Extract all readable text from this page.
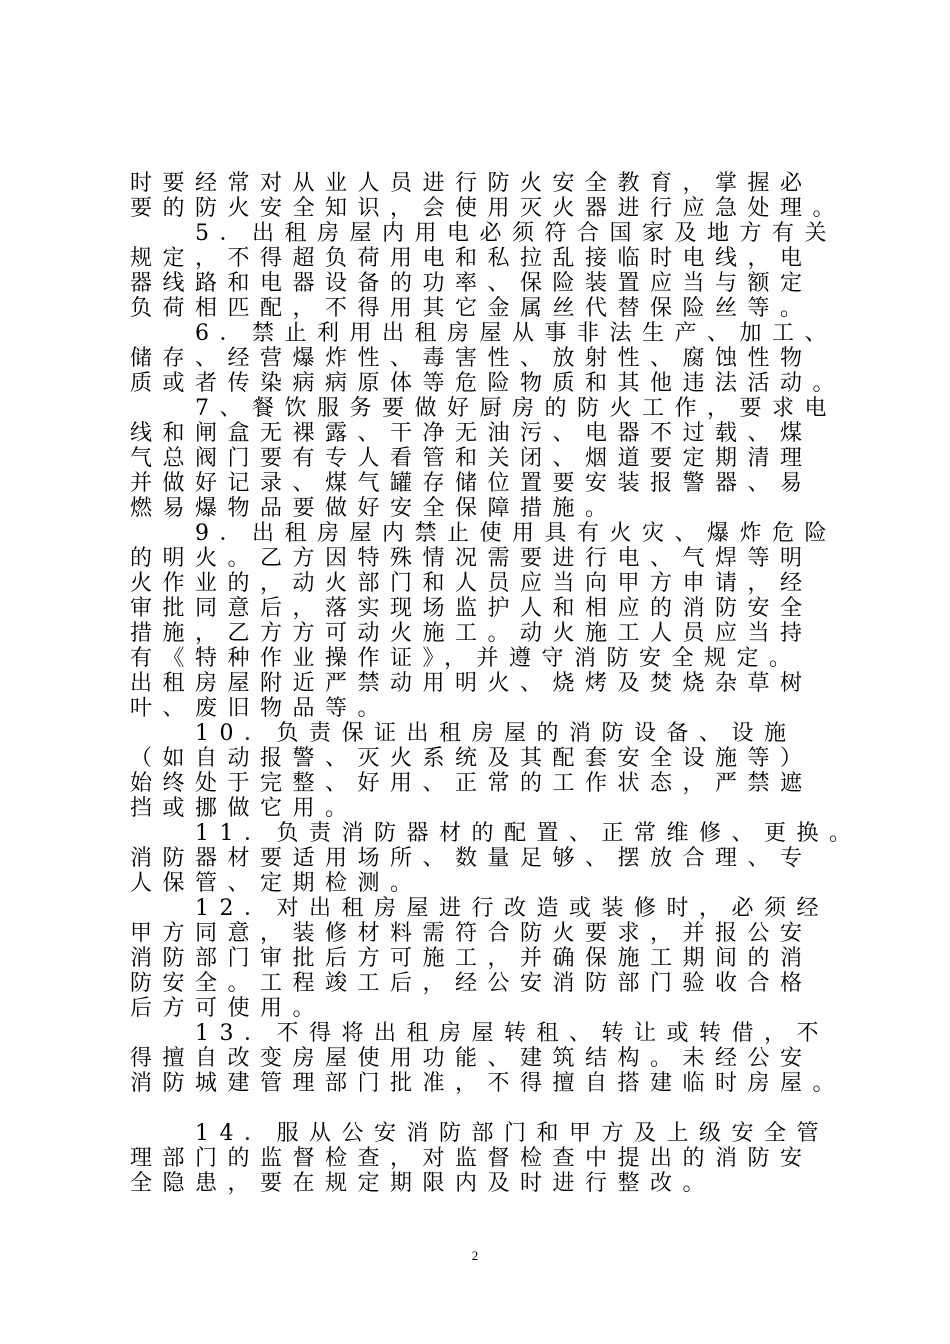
时要经常对从业人员进行防火安全教育，掌握必
要的防火安全知识，会使用灭火器进行应急处理。
　　5．出租房屋内用电必须符合国家及地方有关
规定，不得超负荷用电和私拉乱接临时电线，电
器线路和电器设备的功率、保险装置应当与额定
负荷相匹配，不得用其它金属丝代替保险丝等。
　　6．禁止利用出租房屋从事非法生产、加工、
储存、经营爆炸性、毒害性、放射性、腐蚀性物
质或者传染病病原体等危险物质和其他违法活动。
　　7、餐饮服务要做好厨房的防火工作，要求电
线和闸盒无裸露、干净无油污、电器不过载、煤
气总阀门要有专人看管和关闭、烟道要定期清理
并做好记录、煤气罐存储位置要安装报警器、易
燃易爆物品要做好安全保障措施。
　　9．出租房屋内禁止使用具有火灾、爆炸危险
的明火。乙方因特殊情况需要进行电、气焊等明
火作业的，动火部门和人员应当向甲方申请，经
审批同意后，落实现场监护人和相应的消防安全
措施，乙方方可动火施工。动火施工人员应当持
有《特种作业操作证》，并遵守消防安全规定。
出租房屋附近严禁动用明火、烧烤及焚烧杂草树
叶、废旧物品等。
　　10．负责保证出租房屋的消防设备、设施
（如自动报警、灭火系统及其配套安全设施等）
始终处于完整、好用、正常的工作状态，严禁遮
挡或挪做它用。
　　11．负责消防器材的配置、正常维修、更换。
消防器材要适用场所、数量足够、摆放合理、专
人保管、定期检测。
　　12．对出租房屋进行改造或装修时，必须经
甲方同意，装修材料需符合防火要求，并报公安
消防部门审批后方可施工，并确保施工期间的消
防安全。工程竣工后，经公安消防部门验收合格
后方可使用。
　　13．不得将出租房屋转租、转让或转借，不
得擅自改变房屋使用功能、建筑结构。未经公安
消防城建管理部门批准，不得擅自搭建临时房屋。
　　14．服从公安消防部门和甲方及上级安全管
理部门的监督检查，对监督检查中提出的消防安
全隐患，要在规定期限内及时进行整改。
2
